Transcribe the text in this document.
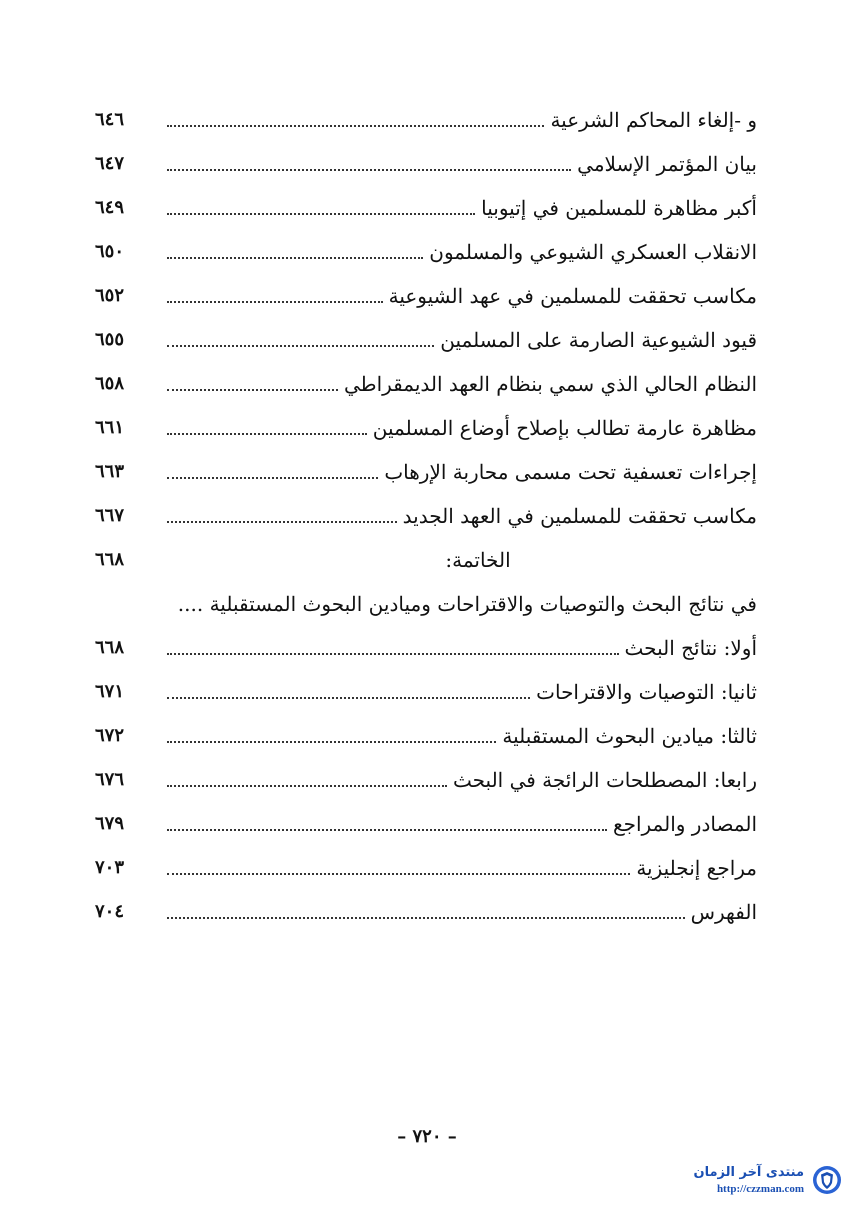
و -إلغاء المحاكم الشرعية
٦٤٦
بيان المؤتمر الإسلامي
٦٤٧
أكبر مظاهرة للمسلمين في إتيوبيا
٦٤٩
الانقلاب العسكري الشيوعي والمسلمون
٦٥٠
مكاسب تحققت للمسلمين في عهد الشيوعية
٦٥٢
قيود الشيوعية الصارمة على المسلمين
٦٥٥
النظام الحالي الذي سمي بنظام العهد الديمقراطي
٦٥٨
مظاهرة عارمة تطالب بإصلاح أوضاع المسلمين
٦٦١
إجراءات تعسفية تحت مسمى محاربة الإرهاب
٦٦٣
مكاسب تحققت للمسلمين في العهد الجديد
٦٦٧
الخاتمة:
٦٦٨
في نتائج البحث والتوصيات والاقتراحات وميادين البحوث المستقبلية ....
أولا: نتائج البحث
٦٦٨
ثانيا: التوصيات والاقتراحات
٦٧١
ثالثا: ميادين البحوث المستقبلية
٦٧٢
رابعا: المصطلحات الرائجة في البحث
٦٧٦
المصادر والمراجع
٦٧٩
مراجع إنجليزية
٧٠٣
الفهرس
٧٠٤
– ٧٢٠ –
منتدى آخر الزمان
http://czzman.com
